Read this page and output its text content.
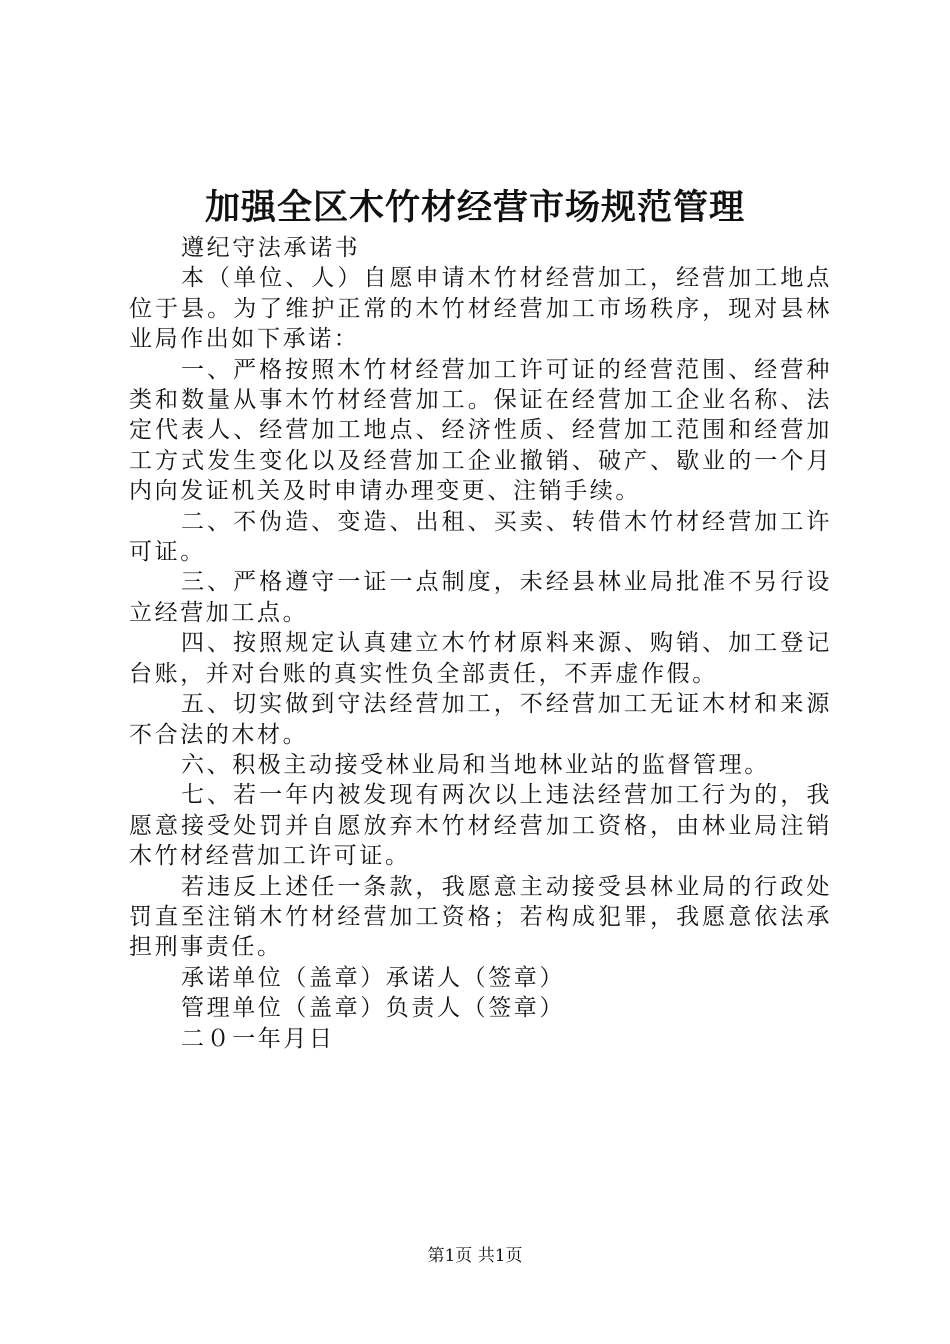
加强全区木竹材经营市场规范管理

遵纪守法承诺书

本（单位、人）自愿申请木竹材经营加工，经营加工地点位于县。为了维护正常的木竹材经营加工市场秩序，现对县林业局作出如下承诺：

一、严格按照木竹材经营加工许可证的经营范围、经营种类和数量从事木竹材经营加工。保证在经营加工企业名称、法定代表人、经营加工地点、经济性质、经营加工范围和经营加工方式发生变化以及经营加工企业撤销、破产、歇业的一个月内向发证机关及时申请办理变更、注销手续。

二、不伪造、变造、出租、买卖、转借木竹材经营加工许可证。

三、严格遵守一证一点制度，未经县林业局批准不另行设立经营加工点。

四、按照规定认真建立木竹材原料来源、购销、加工登记台账，并对台账的真实性负全部责任，不弄虚作假。

五、切实做到守法经营加工，不经营加工无证木材和来源不合法的木材。

六、积极主动接受林业局和当地林业站的监督管理。

七、若一年内被发现有两次以上违法经营加工行为的，我愿意接受处罚并自愿放弃木竹材经营加工资格，由林业局注销木竹材经营加工许可证。

若违反上述任一条款，我愿意主动接受县林业局的行政处罚直至注销木竹材经营加工资格；若构成犯罪，我愿意依法承担刑事责任。

承诺单位（盖章）承诺人（签章）

管理单位（盖章）负责人（签章）

二０一年月日

第1页 共1页
